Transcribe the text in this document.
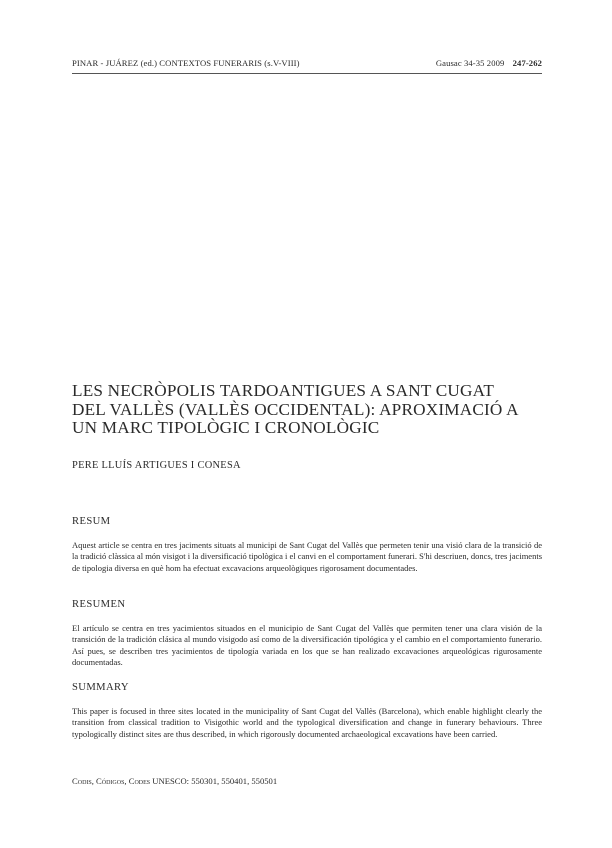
PINAR - JUÁREZ (ed.) CONTEXTOS FUNERARIS (s.V-VIII)	Gausac 34-35 2009 247-262
LES NECRÒPOLIS TARDOANTIGUES A SANT CUGAT
DEL VALLÈS (VALLÈS OCCIDENTAL): APROXIMACIÓ A
UN MARC TIPOLÒGIC I CRONOLÒGIC
PERE LLUÍS ARTIGUES I CONESA
RESUM

Aquest article se centra en tres jaciments situats al municipi de Sant Cugat del Vallès que permeten tenir una visió clara de la transició de la tradició clàssica al món visigot i la diversificació tipològica i el canvi en el comportament funerari. S'hi descriuen, doncs, tres jaciments de tipologia diversa en què hom ha efectuat excavacions arqueològiques rigorosament documentades.

RESUMEN

El artículo se centra en tres yacimientos situados en el municipio de Sant Cugat del Vallès que permiten tener una clara visión de la transición de la tradición clásica al mundo visigodo así como de la diversificación tipológica y el cambio en el comportamiento funerario. Así pues, se describen tres yacimientos de tipología variada en los que se han realizado excavaciones arqueológicas rigurosamente documentadas.

SUMMARY

This paper is focused in three sites located in the municipality of Sant Cugat del Vallès (Barcelona), which enable highlight clearly the transition from classical tradition to Visigothic world and the typological diversification and change in funerary behaviours. Three typologically distinct sites are thus described, in which rigorously documented archaeological excavations have been carried.

Codis, Códigos, Codes UNESCO: 550301, 550401, 550501
